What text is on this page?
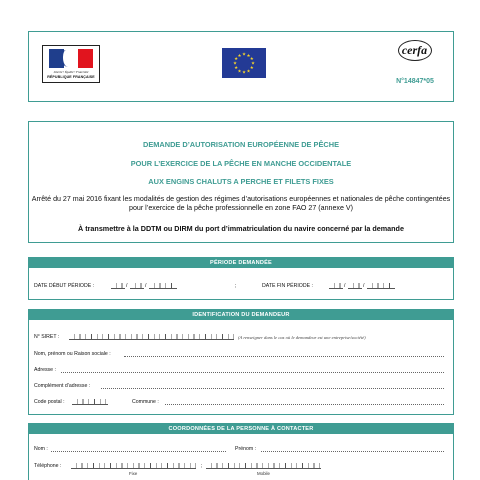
Liberté • Égalité • Fraternité
RÉPUBLIQUE FRANÇAISE
★ ★
★
★
★
★
★
★
★
★
★
★	cerfa
N°14847*05
DEMANDE D’AUTORISATION EUROPÉENNE DE PÊCHE
POUR L’EXERCICE DE LA PÊCHE EN MANCHE OCCIDENTALE
AUX ENGINS CHALUTS A PERCHE ET FILETS FIXES
Arrêté du 27 mai 2016 fixant les modalités de gestion des régimes d’autorisations européennes et nationales de pêche contingentées pour l’exercice de la pêche professionnelle en zone FAO 27 (annexe V)
À transmettre à la DDTM ou DIRM du port d’immatriculation du navire concerné par la demande
PÉRIODE DEMANDÉE
DATE DÉBUT PÉRIODE :	/	/	;	DATE FIN PÉRIODE :	/	/
IDENTIFICATION DU DEMANDEUR
N° SIRET :	(A renseigner dans le cas où le demandeur est une entreprise/société)
Nom, prénom ou Raison sociale :
Adresse :
Complément d’adresse :
Code postal :	Commune :
COORDONNÉES DE LA PERSONNE À CONTACTER
Nom :	Prénom :
Téléphone :	;
Fixe	Mobile
